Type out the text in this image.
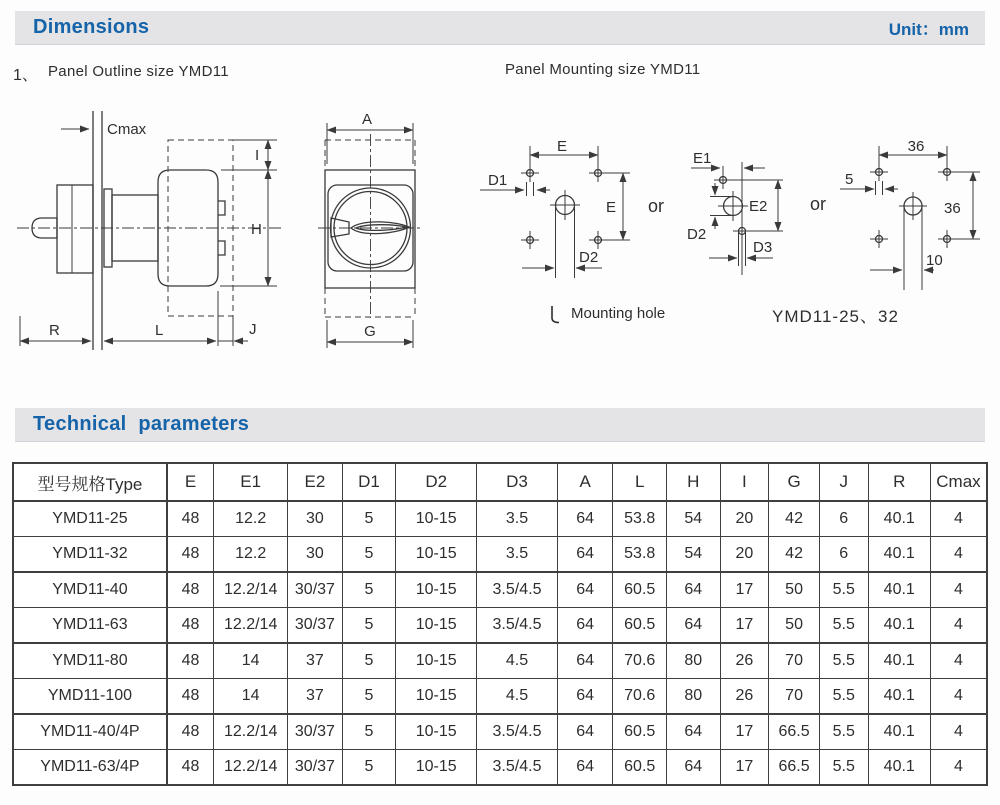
Dimensions	Unit：mm
1、 Panel Outline size YMD11	Panel Mounting size YMD11
Cmax
I
H
R	L	J
A
G
E
D1
E
D2
or
E1
E2
D2
D3
or
36
5
36
10
Mounting hole	YMD11-25、32
Technical parameters
型号规格Type	E	E1	E2	D1	D2	D3	A	L	H	I	G	J	R	Cmax
YMD11-25	48	12.2	30	5	10-15	3.5	64	53.8	54	20	42	6	40.1	4
YMD11-32	48	12.2	30	5	10-15	3.5	64	53.8	54	20	42	6	40.1	4
YMD11-40	48	12.2/14	30/37	5	10-15	3.5/4.5	64	60.5	64	17	50	5.5	40.1	4
YMD11-63	48	12.2/14	30/37	5	10-15	3.5/4.5	64	60.5	64	17	50	5.5	40.1	4
YMD11-80	48	14	37	5	10-15	4.5	64	70.6	80	26	70	5.5	40.1	4
YMD11-100	48	14	37	5	10-15	4.5	64	70.6	80	26	70	5.5	40.1	4
YMD11-40/4P	48	12.2/14	30/37	5	10-15	3.5/4.5	64	60.5	64	17	66.5	5.5	40.1	4
YMD11-63/4P	48	12.2/14	30/37	5	10-15	3.5/4.5	64	60.5	64	17	66.5	5.5	40.1	4
